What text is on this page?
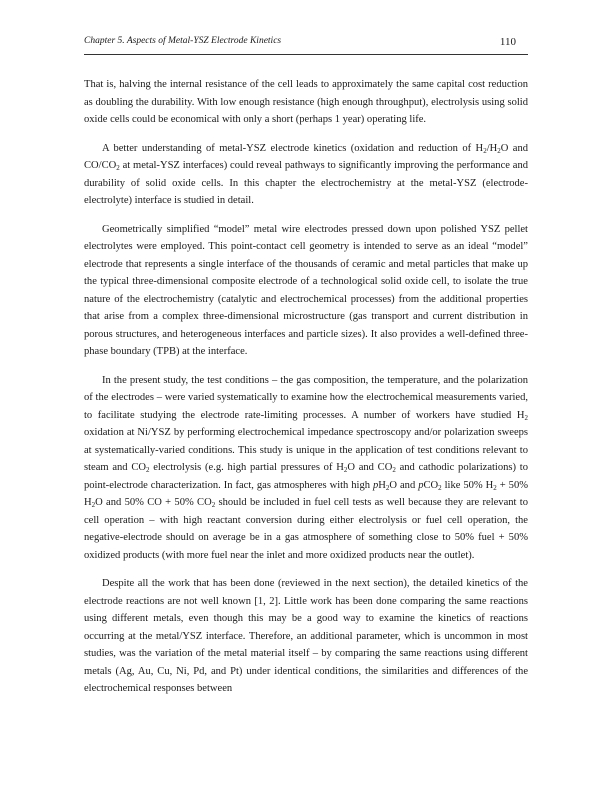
Chapter 5. Aspects of Metal-YSZ Electrode Kinetics	110

That is, halving the internal resistance of the cell leads to approximately the same capital cost reduction as doubling the durability. With low enough resistance (high enough throughput), electrolysis using solid oxide cells could be economical with only a short (perhaps 1 year) operating life.

A better understanding of metal-YSZ electrode kinetics (oxidation and reduction of $H_2/H_2O$ and $CO/CO_2$ at metal-YSZ interfaces) could reveal pathways to significantly improving the performance and durability of solid oxide cells. In this chapter the electrochemistry at the metal-YSZ (electrode-electrolyte) interface is studied in detail.

Geometrically simplified “model” metal wire electrodes pressed down upon polished YSZ pellet electrolytes were employed. This point-contact cell geometry is intended to serve as an ideal “model” electrode that represents a single interface of the thousands of ceramic and metal particles that make up the typical three-dimensional composite electrode of a technological solid oxide cell, to isolate the true nature of the electrochemistry (catalytic and electrochemical processes) from the additional properties that arise from a complex three-dimensional microstructure (gas transport and current distribution in porous structures, and heterogeneous interfaces and particle sizes). It also provides a well-defined three-phase boundary (TPB) at the interface.

In the present study, the test conditions – the gas composition, the temperature, and the polarization of the electrodes – were varied systematically to examine how the electrochemical measurements varied, to facilitate studying the electrode rate-limiting processes. A number of workers have studied $H_2$ oxidation at Ni/YSZ by performing electrochemical impedance spectroscopy and/or polarization sweeps at systematically-varied conditions. This study is unique in the application of test conditions relevant to steam and $CO_2$ electrolysis (e.g. high partial pressures of $H_2O$ and $CO_2$ and cathodic polarizations) to point-electrode characterization. In fact, gas atmospheres with high $pH_2O$ and pCO$_2$ like 50% $H_2 + 50\%$ $H_2O$ and 50% CO + 50% $CO_2$ should be included in fuel cell tests as well because they are relevant to cell operation – with high reactant conversion during either electrolysis or fuel cell operation, the negative-electrode should on average be in a gas atmosphere of something close to 50% fuel + 50% oxidized products (with more fuel near the inlet and more oxidized products near the outlet).

Despite all the work that has been done (reviewed in the next section), the detailed kinetics of the electrode reactions are not well known [1, 2]. Little work has been done comparing the same reactions using different metals, even though this may be a good way to examine the kinetics of reactions occurring at the metal/YSZ interface. Therefore, an additional parameter, which is uncommon in most studies, was the variation of the metal material itself – by comparing the same reactions using different metals (Ag, Au, Cu, Ni, Pd, and Pt) under identical conditions, the similarities and differences of the electrochemical responses between
